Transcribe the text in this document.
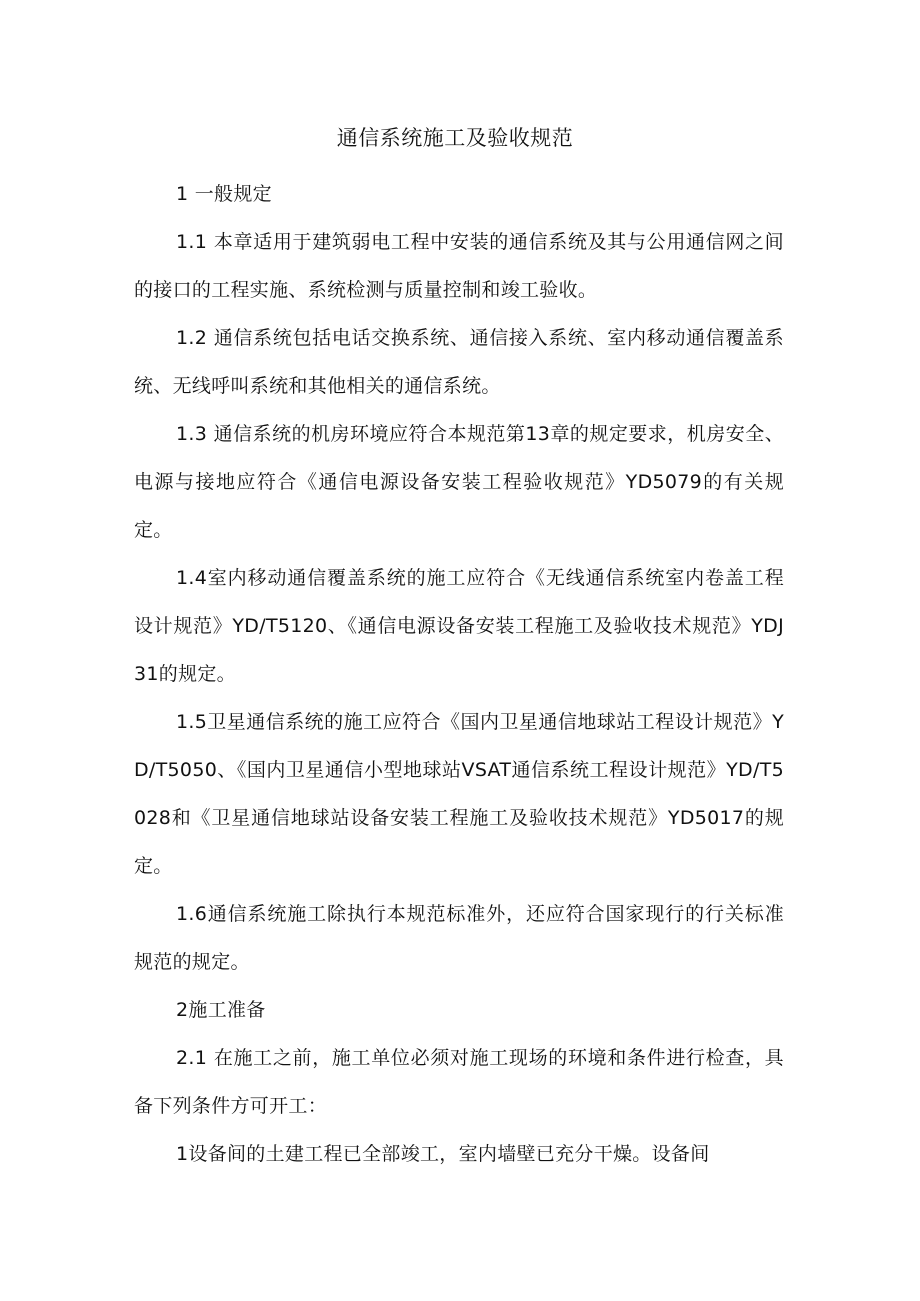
通信系统施工及验收规范

1 一般规定

1.1 本章适用于建筑弱电工程中安装的通信系统及其与公用通信网之间的接口的工程实施、系统检测与质量控制和竣工验收。

1.2 通信系统包括电话交换系统、通信接入系统、室内移动通信覆盖系统、无线呼叫系统和其他相关的通信系统。

1.3 通信系统的机房环境应符合本规范第13章的规定要求，机房安全、电源与接地应符合《通信电源设备安装工程验收规范》YD5079的有关规定。

1.4室内移动通信覆盖系统的施工应符合《无线通信系统室内卷盖工程设计规范》YD/T5120、《通信电源设备安装工程施工及验收技术规范》YDJ31的规定。

1.5卫星通信系统的施工应符合《国内卫星通信地球站工程设计规范》YD/T5050、《国内卫星通信小型地球站VSAT通信系统工程设计规范》YD/T5028和《卫星通信地球站设备安装工程施工及验收技术规范》YD5017的规定。

1.6通信系统施工除执行本规范标准外，还应符合国家现行的行关标准规范的规定。

2施工准备

2.1 在施工之前，施工单位必须对施工现场的环境和条件进行检查，具备下列条件方可开工：

1设备间的土建工程已全部竣工，室内墙壁已充分干燥。设备间
